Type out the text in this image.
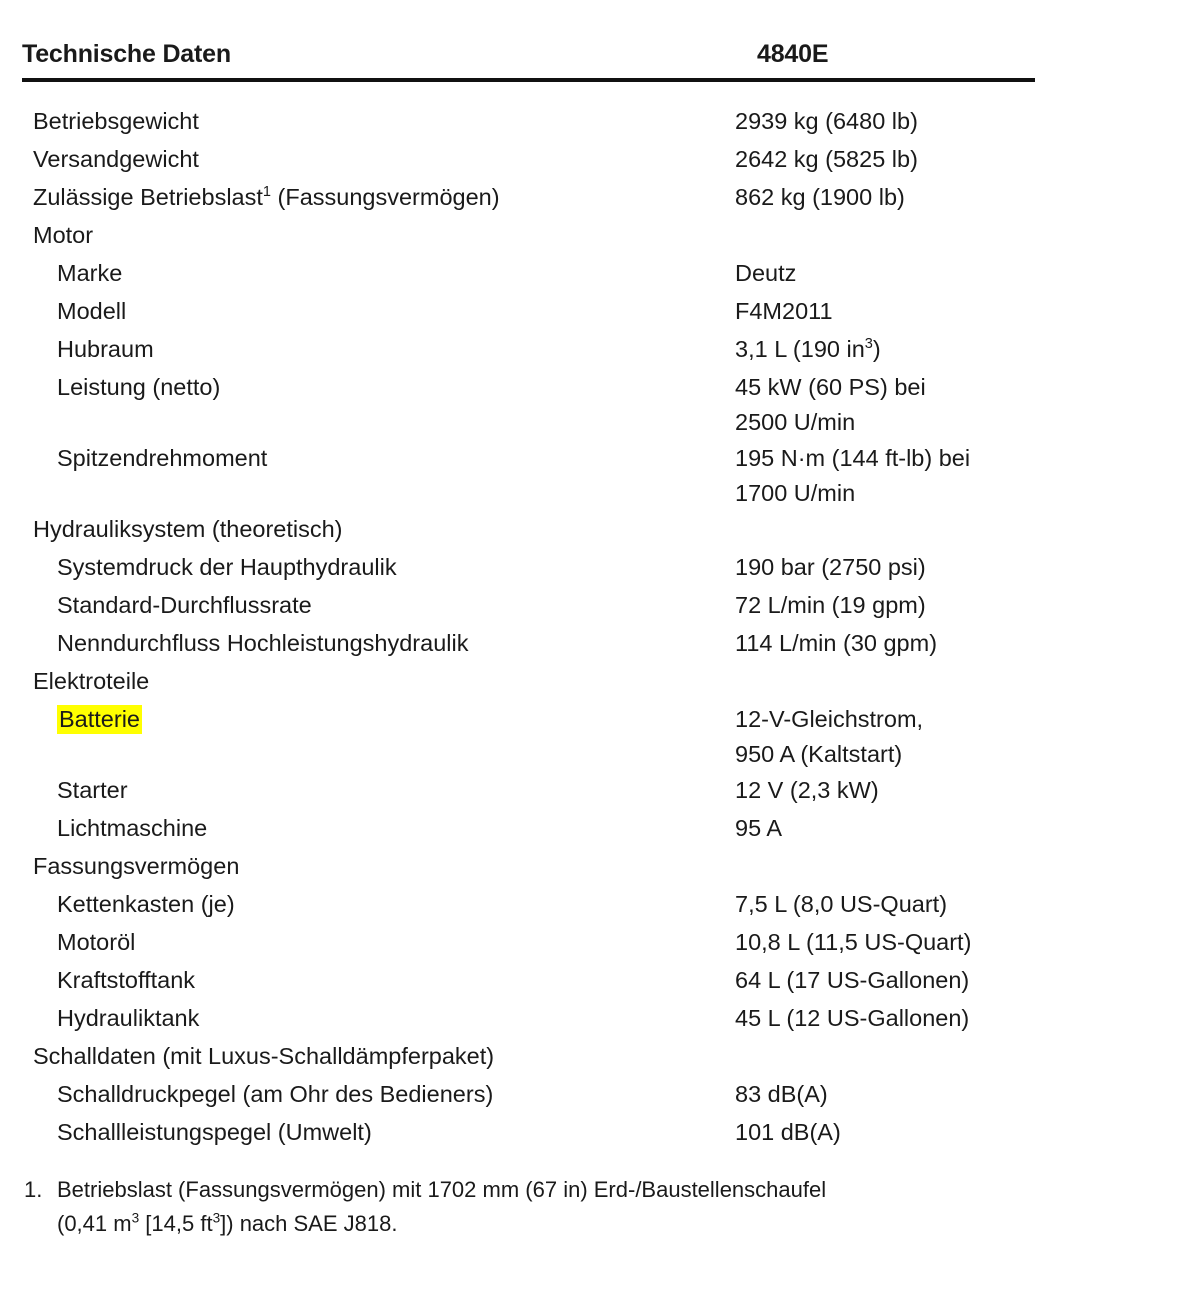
Technische Daten	4840E
Betriebsgewicht	2939 kg (6480 lb)
Versandgewicht	2642 kg (5825 lb)
Zulässige Betriebslast$^1$ (Fassungsvermögen)	862 kg (1900 lb)
Motor
Marke	Deutz
Modell	F4M2011
Hubraum	3,1 L (190 $in^3$)
Leistung (netto)	45 kW (60 PS) bei
2500 U/min
Spitzendrehmoment	195 N·m (144 ft-lb) bei
1700 U/min
Hydrauliksystem (theoretisch)
Systemdruck der Haupthydraulik	190 bar (2750 psi)
Standard-Durchflussrate	72 L/min (19 gpm)
Nenndurchfluss Hochleistungshydraulik	114 L/min (30 gpm)
Elektroteile
Batterie	12-V-Gleichstrom,
950 A (Kaltstart)
Starter	12 V (2,3 kW)
Lichtmaschine	95 A
Fassungsvermögen
Kettenkasten (je)	7,5 L (8,0 US-Quart)
Motoröl	10,8 L (11,5 US-Quart)
Kraftstofftank	64 L (17 US-Gallonen)
Hydrauliktank	45 L (12 US-Gallonen)
Schalldaten (mit Luxus-Schalldämpferpaket)
Schalldruckpegel (am Ohr des Bedieners)	83 dB(A)
Schallleistungspegel (Umwelt)	101 dB(A)
1. Betriebslast (Fassungsvermögen) mit 1702 mm (67 in) Erd-/Baustellenschaufel
(0,41 $m^3$ [14,5 $ft^3$]) nach SAE J818.
